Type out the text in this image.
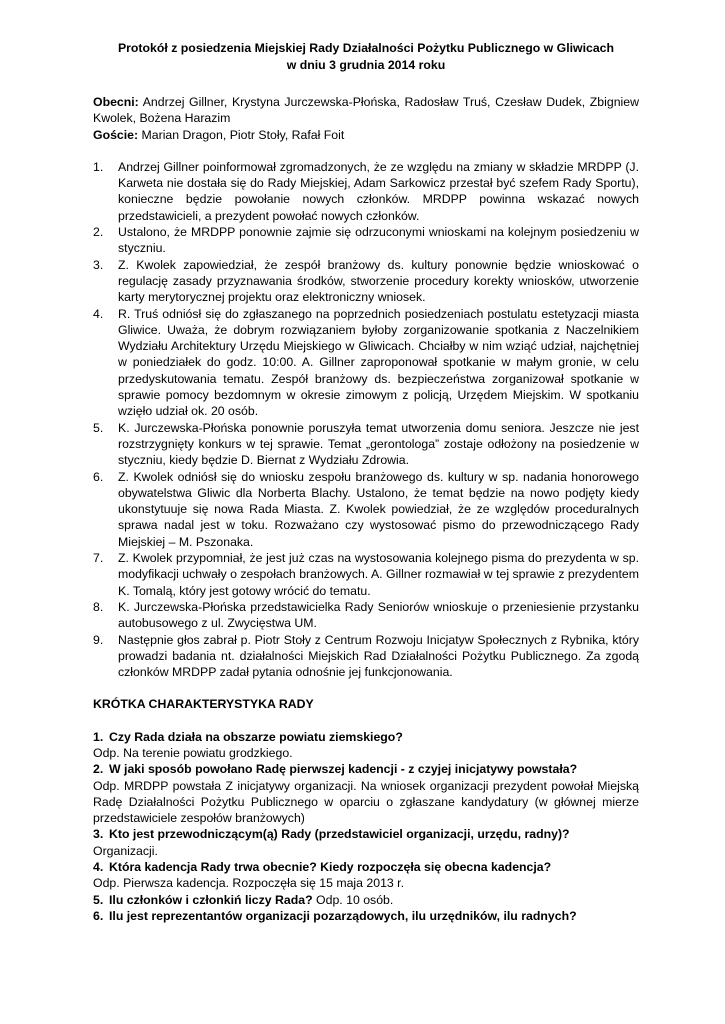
Protokół z posiedzenia Miejskiej Rady Działalności Pożytku Publicznego w Gliwicach
w dniu 3 grudnia 2014 roku

Obecni: Andrzej Gillner, Krystyna Jurczewska-Płońska, Radosław Truś, Czesław Dudek, Zbigniew Kwolek, Bożena Harazim

Goście: Marian Dragon, Piotr Stoły, Rafał Foit

1. Andrzej Gillner poinformował zgromadzonych, że ze względu na zmiany w składzie MRDPP (J. Karweta nie dostała się do Rady Miejskiej, Adam Sarkowicz przestał być szefem Rady Sportu), konieczne będzie powołanie nowych członków. MRDPP powinna wskazać nowych przedstawicieli, a prezydent powołać nowych członków.
2. Ustalono, że MRDPP ponownie zajmie się odrzuconymi wnioskami na kolejnym posiedzeniu w styczniu.
3. Z. Kwolek zapowiedział, że zespół branżowy ds. kultury ponownie będzie wnioskować o regulację zasady przyznawania środków, stworzenie procedury korekty wniosków, utworzenie karty merytorycznej projektu oraz elektroniczny wniosek.
4. R. Truś odniósł się do zgłaszanego na poprzednich posiedzeniach postulatu estetyzacji miasta Gliwice. Uważa, że dobrym rozwiązaniem byłoby zorganizowanie spotkania z Naczelnikiem Wydziału Architektury Urzędu Miejskiego w Gliwicach. Chciałby w nim wziąć udział, najchętniej w poniedziałek do godz. 10:00. A. Gillner zaproponował spotkanie w małym gronie, w celu przedyskutowania tematu. Zespół branżowy ds. bezpieczeństwa zorganizował spotkanie w sprawie pomocy bezdomnym w okresie zimowym z policją, Urzędem Miejskim. W spotkaniu wzięło udział ok. 20 osób.
5. K. Jurczewska-Płońska ponownie poruszyła temat utworzenia domu seniora. Jeszcze nie jest rozstrzygnięty konkurs w tej sprawie. Temat „gerontologa” zostaje odłożony na posiedzenie w styczniu, kiedy będzie D. Biernat z Wydziału Zdrowia.
6. Z. Kwolek odniósł się do wniosku zespołu branżowego ds. kultury w sp. nadania honorowego obywatelstwa Gliwic dla Norberta Blachy. Ustalono, że temat będzie na nowo podjęty kiedy ukonstytuuje się nowa Rada Miasta. Z. Kwolek powiedział, że ze względów proceduralnych sprawa nadal jest w toku. Rozważano czy wystosować pismo do przewodniczącego Rady Miejskiej – M. Pszonaka.
7. Z. Kwolek przypomniał, że jest już czas na wystosowania kolejnego pisma do prezydenta w sp. modyfikacji uchwały o zespołach branżowych. A. Gillner rozmawiał w tej sprawie z prezydentem K. Tomalą, który jest gotowy wrócić do tematu.
8. K. Jurczewska-Płońska przedstawicielka Rady Seniorów wnioskuje o przeniesienie przystanku autobusowego z ul. Zwycięstwa UM.
9. Następnie głos zabrał p. Piotr Stoły z Centrum Rozwoju Inicjatyw Społecznych z Rybnika, który prowadzi badania nt. działalności Miejskich Rad Działalności Pożytku Publicznego. Za zgodą członków MRDPP zadał pytania odnośnie jej funkcjonowania.
KRÓTKA CHARAKTERYSTYKA RADY
1. Czy Rada działa na obszarze powiatu ziemskiego?

Odp. Na terenie powiatu grodzkiego.

2. W jaki sposób powołano Radę pierwszej kadencji - z czyjej inicjatywy powstała?

Odp. MRDPP powstała Z inicjatywy organizacji. Na wniosek organizacji prezydent powołał Miejską Radę Działalności Pożytku Publicznego w oparciu o zgłaszane kandydatury (w głównej mierze przedstawiciele zespołów branżowych)

3. Kto jest przewodniczącym(ą) Rady (przedstawiciel organizacji, urzędu, radny)?

Organizacji.

4. Która kadencja Rady trwa obecnie? Kiedy rozpoczęła się obecna kadencja?

Odp. Pierwsza kadencja. Rozpoczęła się 15 maja 2013 r.

5. Ilu członków i członkiń liczy Rada? Odp. 10 osób.
6. Ilu jest reprezentantów organizacji pozarządowych, ilu urzędników, ilu radnych?
